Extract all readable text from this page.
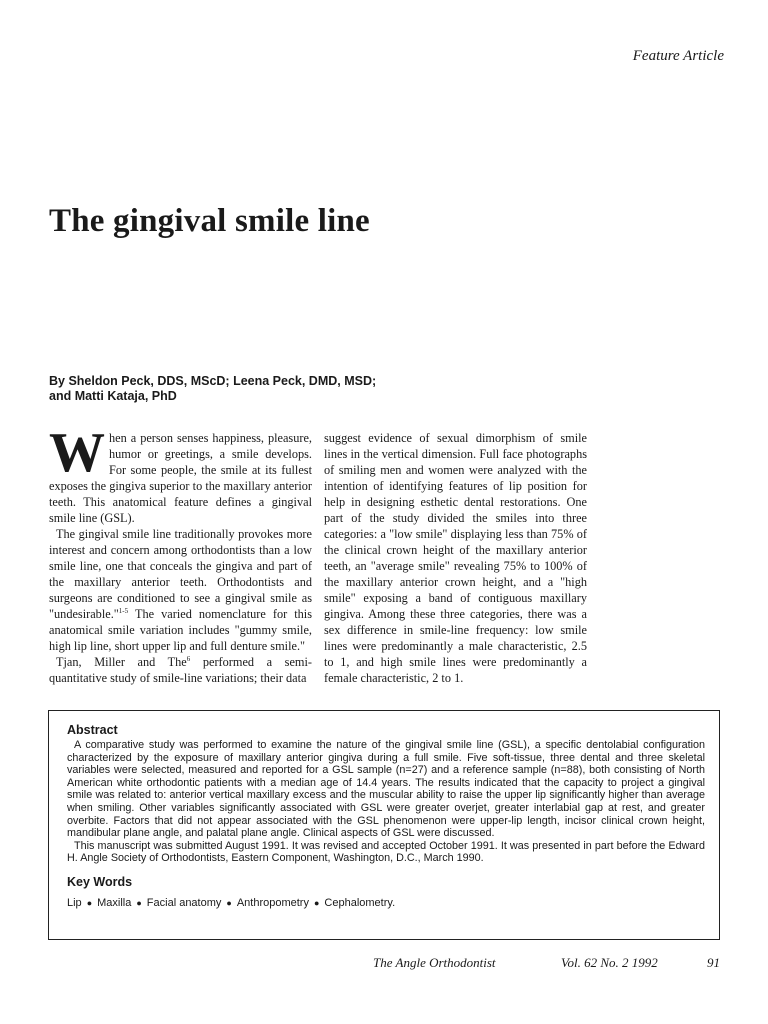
Feature Article
The gingival smile line
By Sheldon Peck, DDS, MScD; Leena Peck, DMD, MSD;
and Matti Kataja, PhD

When a person senses happiness, pleasure, humor or greetings, a smile develops. For some people, the smile at its fullest exposes the gingiva superior to the maxillary anterior teeth. This anatomical feature defines a gingival smile line (GSL).

The gingival smile line traditionally provokes more interest and concern among orthodontists than a low smile line, one that conceals the gingiva and part of the maxillary anterior teeth. Orthodontists and surgeons are conditioned to see a gingival smile as "undesirable."$^{1-5}$ The varied nomenclature for this anatomical smile variation includes "gummy smile, high lip line, short upper lip and full denture smile."

Tjan, Miller and The$^6$ performed a semi-quantitative study of smile-line variations; their data

suggest evidence of sexual dimorphism of smile lines in the vertical dimension. Full face photographs of smiling men and women were analyzed with the intention of identifying features of lip position for help in designing esthetic dental restorations. One part of the study divided the smiles into three categories: a "low smile" displaying less than 75% of the clinical crown height of the maxillary anterior teeth, an "average smile" revealing 75% to 100% of the maxillary anterior crown height, and a "high smile" exposing a band of contiguous maxillary gingiva. Among these three categories, there was a sex difference in smile-line frequency: low smile lines were predominantly a male characteristic, 2.5 to 1, and high smile lines were predominantly a female characteristic, 2 to 1.

Abstract

A comparative study was performed to examine the nature of the gingival smile line (GSL), a specific dentolabial configuration characterized by the exposure of maxillary anterior gingiva during a full smile. Five soft-tissue, three dental and three skeletal variables were selected, measured and reported for a GSL sample (n=27) and a reference sample (n=88), both consisting of North American white orthodontic patients with a median age of 14.4 years. The results indicated that the capacity to project a gingival smile was related to: anterior vertical maxillary excess and the muscular ability to raise the upper lip significantly higher than average when smiling. Other variables significantly associated with GSL were greater overjet, greater interlabial gap at rest, and greater overbite. Factors that did not appear associated with the GSL phenomenon were upper-lip length, incisor clinical crown height, mandibular plane angle, and palatal plane angle. Clinical aspects of GSL were discussed.

This manuscript was submitted August 1991. It was revised and accepted October 1991. It was presented in part before the Edward H. Angle Society of Orthodontists, Eastern Component, Washington, D.C., March 1990.

Key Words
Lip ● Maxilla ● Facial anatomy ● Anthropometry ● Cephalometry.
The Angle Orthodontist	Vol. 62 No. 2 1992	91
